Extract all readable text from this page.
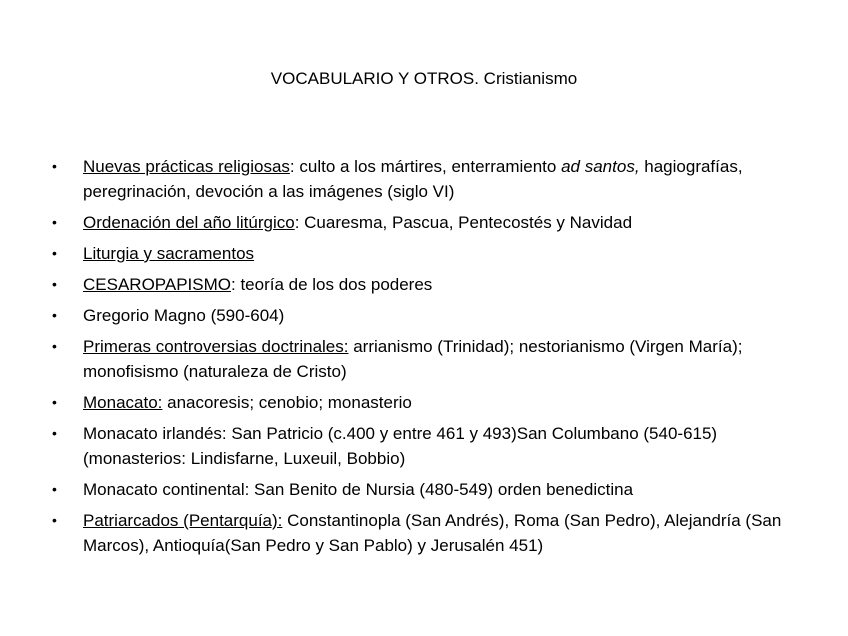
VOCABULARIO Y OTROS. Cristianismo
• Nuevas prácticas religiosas: culto a los mártires, enterramiento ad santos, hagiografías, peregrinación, devoción a las imágenes (siglo VI)
• Ordenación del año litúrgico: Cuaresma, Pascua, Pentecostés y Navidad
• Liturgia y sacramentos
• CESAROPAPISMO: teoría de los dos poderes
• Gregorio Magno (590-604)
• Primeras controversias doctrinales: arrianismo (Trinidad); nestorianismo (Virgen María); monofisismo (naturaleza de Cristo)
• Monacato: anacoresis; cenobio; monasterio
• Monacato irlandés: San Patricio (c.400 y entre 461 y 493)San Columbano (540-615) (monasterios: Lindisfarne, Luxeuil, Bobbio)
• Monacato continental: San Benito de Nursia (480-549) orden benedictina
• Patriarcados (Pentarquía): Constantinopla (San Andrés), Roma (San Pedro), Alejandría (San Marcos), Antioquía(San Pedro y San Pablo) y Jerusalén 451)
